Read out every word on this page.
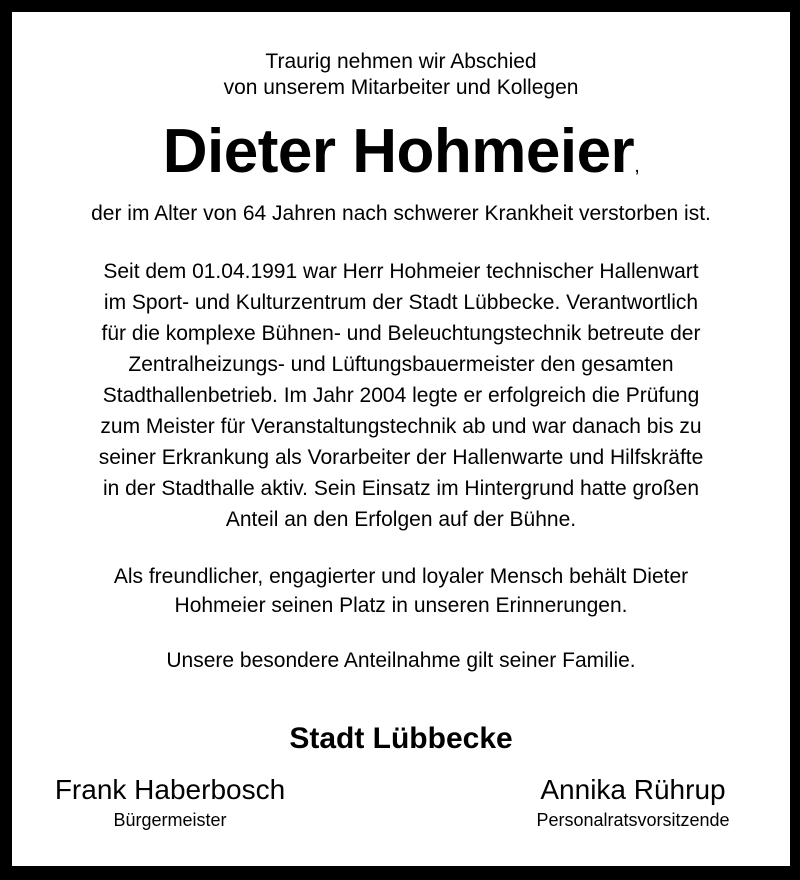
Traurig nehmen wir Abschied
von unserem Mitarbeiter und Kollegen
Dieter Hohmeier,
der im Alter von 64 Jahren nach schwerer Krankheit verstorben ist.
Seit dem 01.04.1991 war Herr Hohmeier technischer Hallenwart
im Sport- und Kulturzentrum der Stadt Lübbecke. Verantwortlich
für die komplexe Bühnen- und Beleuchtungstechnik betreute der
Zentralheizungs- und Lüftungsbauermeister den gesamten
Stadthallenbetrieb. Im Jahr 2004 legte er erfolgreich die Prüfung
zum Meister für Veranstaltungstechnik ab und war danach bis zu
seiner Erkrankung als Vorarbeiter der Hallenwarte und Hilfskräfte
in der Stadthalle aktiv. Sein Einsatz im Hintergrund hatte großen
Anteil an den Erfolgen auf der Bühne.
Als freundlicher, engagierter und loyaler Mensch behält Dieter
Hohmeier seinen Platz in unseren Erinnerungen.
Unsere besondere Anteilnahme gilt seiner Familie.
Stadt Lübbecke
Frank Haberbosch
Bürgermeister
Annika Rührup
Personalratsvorsitzende
